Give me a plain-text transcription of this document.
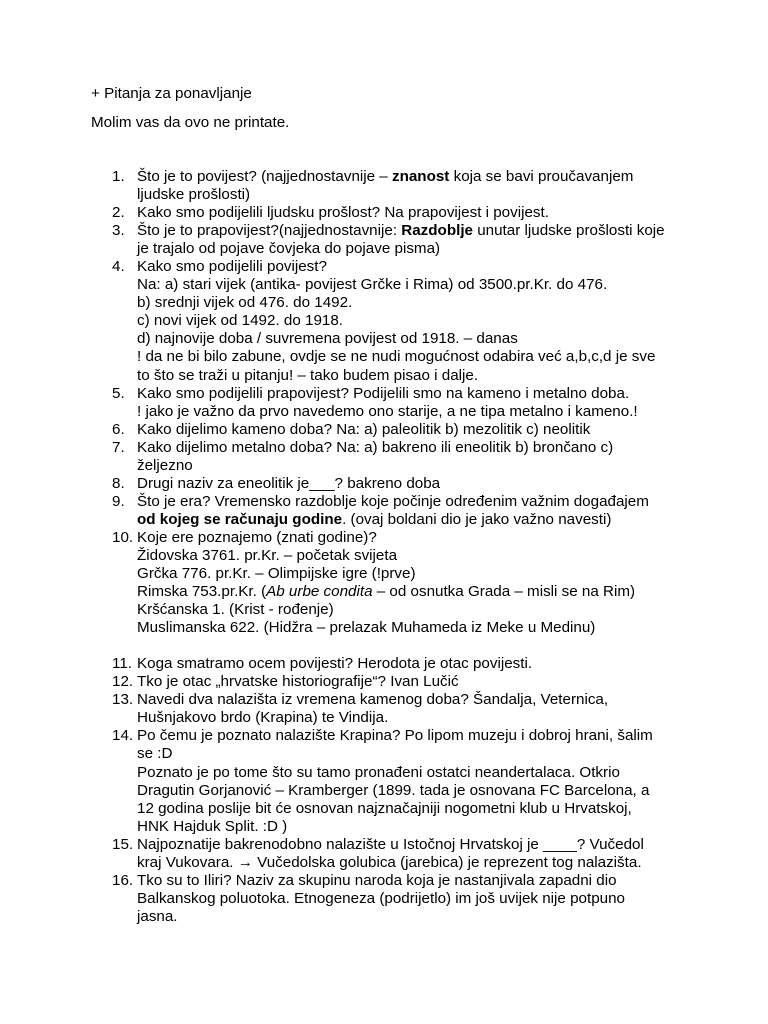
+ Pitanja za ponavljanje
Molim vas da ovo ne printate.
1. Što je to povijest? (najjednostavnije – znanost koja se bavi proučavanjem
ljudske prošlosti)
2. Kako smo podijelili ljudsku prošlost? Na prapovijest i povijest.
3. Što je to prapovijest?(najjednostavnije: Razdoblje unutar ljudske prošlosti koje
je trajalo od pojave čovjeka do pojave pisma)
4. Kako smo podijelili povijest?
Na: a) stari vijek (antika- povijest Grčke i Rima) od 3500.pr.Kr. do 476.
b) srednji vijek od 476. do 1492.
c) novi vijek od 1492. do 1918.
d) najnovije doba / suvremena povijest od 1918. – danas
! da ne bi bilo zabune, ovdje se ne nudi mogućnost odabira već a,b,c,d je sve
to što se traži u pitanju! – tako budem pisao i dalje.
5. Kako smo podijelili prapovijest? Podijelili smo na kameno i metalno doba.
! jako je važno da prvo navedemo ono starije, a ne tipa metalno i kameno.!
6. Kako dijelimo kameno doba? Na: a) paleolitik b) mezolitik c) neolitik
7. Kako dijelimo metalno doba? Na: a) bakreno ili eneolitik b) brončano c)
željezno
8. Drugi naziv za eneolitik je___? bakreno doba
9. Što je era? Vremensko razdoblje koje počinje određenim važnim događajem
od kojeg se računaju godine. (ovaj boldani dio je jako važno navesti)
10. Koje ere poznajemo (znati godine)?
Židovska 3761. pr.Kr. – početak svijeta
Grčka 776. pr.Kr. – Olimpijske igre (!prve)
Rimska 753.pr.Kr. (Ab urbe condita – od osnutka Grada – misli se na Rim)
Kršćanska 1. (Krist - rođenje)
Muslimanska 622. (Hidžra – prelazak Muhameda iz Meke u Medinu)
11. Koga smatramo ocem povijesti? Herodota je otac povijesti.
12. Tko je otac „hrvatske historiografije“? Ivan Lučić
13. Navedi dva nalazišta iz vremena kamenog doba? Šandalja, Veternica,
Hušnjakovo brdo (Krapina) te Vindija.
14. Po čemu je poznato nalazište Krapina? Po lipom muzeju i dobroj hrani, šalim
se :D
Poznato je po tome što su tamo pronađeni ostatci neandertalaca. Otkrio
Dragutin Gorjanović – Kramberger (1899. tada je osnovana FC Barcelona, a
12 godina poslije bit će osnovan najznačajniji nogometni klub u Hrvatskoj,
HNK Hajduk Split. :D )
15. Najpoznatije bakrenodobno nalazište u Istočnoj Hrvatskoj je ____? Vučedol
kraj Vukovara. → Vučedolska golubica (jarebica) je reprezent tog nalazišta.
16. Tko su to Iliri? Naziv za skupinu naroda koja je nastanjivala zapadni dio
Balkanskog poluotoka. Etnogeneza (podrijetlo) im još uvijek nije potpuno
jasna.
